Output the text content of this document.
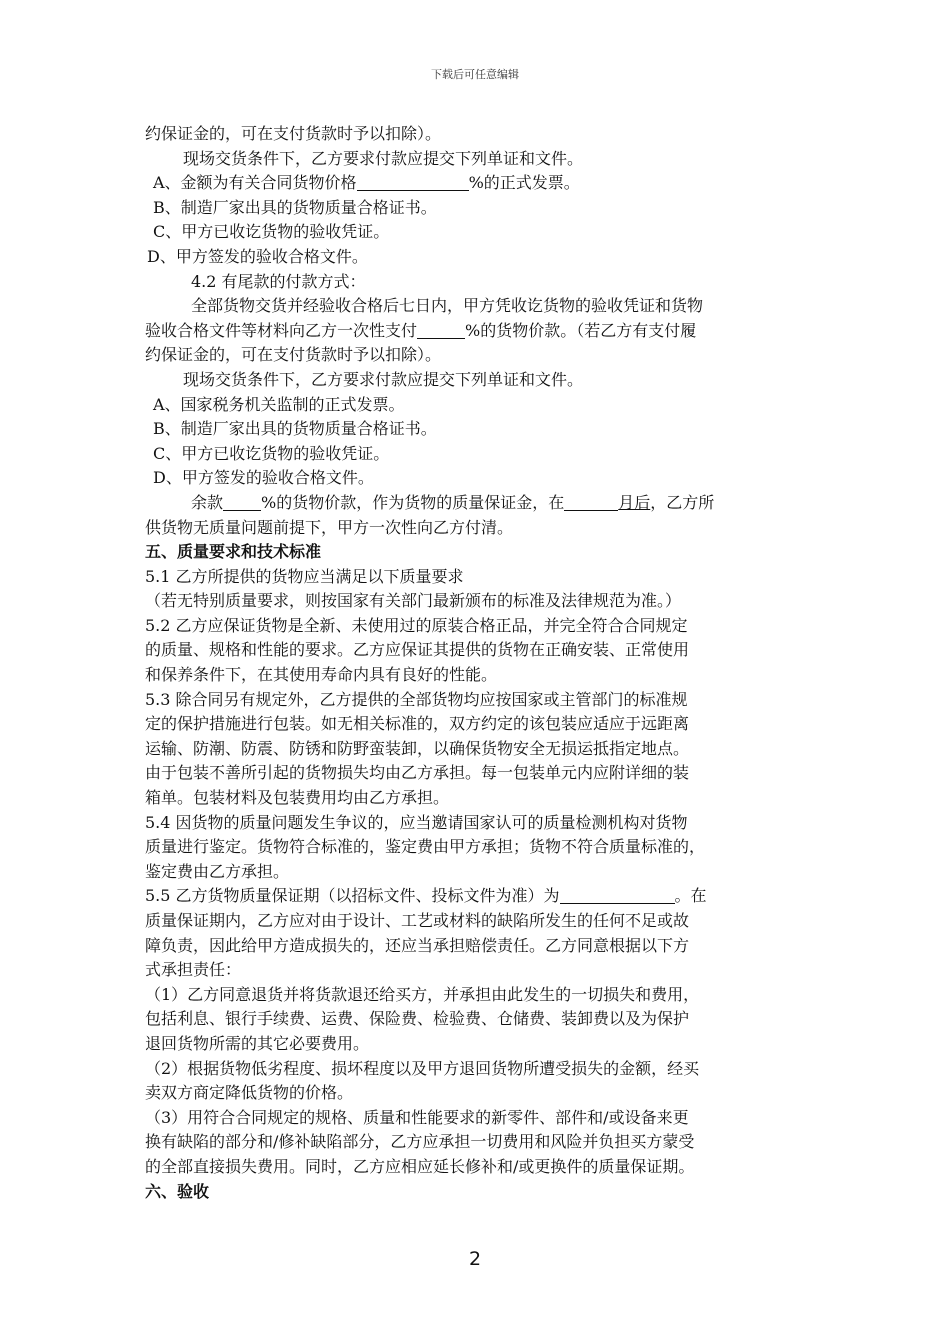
下载后可任意编辑
约保证金的，可在支付货款时予以扣除）。
现场交货条件下，乙方要求付款应提交下列单证和文件。
A、金额为有关合同货物价格	%的正式发票。
B、制造厂家出具的货物质量合格证书。
C、甲方已收讫货物的验收凭证。
D、甲方签发的验收合格文件。
4.2 有尾款的付款方式：
全部货物交货并经验收合格后七日内，甲方凭收讫货物的验收凭证和货物
验收合格文件等材料向乙方一次性支付	%的货物价款。（若乙方有支付履
约保证金的，可在支付货款时予以扣除）。
现场交货条件下，乙方要求付款应提交下列单证和文件。
A、国家税务机关监制的正式发票。
B、制造厂家出具的货物质量合格证书。
C、甲方已收讫货物的验收凭证。
D、甲方签发的验收合格文件。
余款 %的货物价款，作为货物的质量保证金，在	月后，乙方所
供货物无质量问题前提下，甲方一次性向乙方付清。
五、质量要求和技术标准
5.1 乙方所提供的货物应当满足以下质量要求
（若无特别质量要求，则按国家有关部门最新颁布的标准及法律规范为准。）
5.2 乙方应保证货物是全新、未使用过的原装合格正品，并完全符合合同规定
的质量、规格和性能的要求。乙方应保证其提供的货物在正确安装、正常使用
和保养条件下，在其使用寿命内具有良好的性能。
5.3 除合同另有规定外，乙方提供的全部货物均应按国家或主管部门的标准规
定的保护措施进行包装。如无相关标准的，双方约定的该包装应适应于远距离
运输、防潮、防震、防锈和防野蛮装卸，以确保货物安全无损运抵指定地点。
由于包装不善所引起的货物损失均由乙方承担。每一包装单元内应附详细的装
箱单。包装材料及包装费用均由乙方承担。
5.4 因货物的质量问题发生争议的，应当邀请国家认可的质量检测机构对货物
质量进行鉴定。货物符合标准的，鉴定费由甲方承担；货物不符合质量标准的，
鉴定费由乙方承担。
5.5 乙方货物质量保证期（以招标文件、投标文件为准）为	。在
质量保证期内，乙方应对由于设计、工艺或材料的缺陷所发生的任何不足或故
障负责，因此给甲方造成损失的，还应当承担赔偿责任。乙方同意根据以下方
式承担责任：
（1）乙方同意退货并将货款退还给买方，并承担由此发生的一切损失和费用，
包括利息、银行手续费、运费、保险费、检验费、仓储费、装卸费以及为保护
退回货物所需的其它必要费用。
（2）根据货物低劣程度、损坏程度以及甲方退回货物所遭受损失的金额，经买
卖双方商定降低货物的价格。
（3）用符合合同规定的规格、质量和性能要求的新零件、部件和/或设备来更
换有缺陷的部分和/修补缺陷部分，乙方应承担一切费用和风险并负担买方蒙受
的全部直接损失费用。同时，乙方应相应延长修补和/或更换件的质量保证期。
六、验收
2
